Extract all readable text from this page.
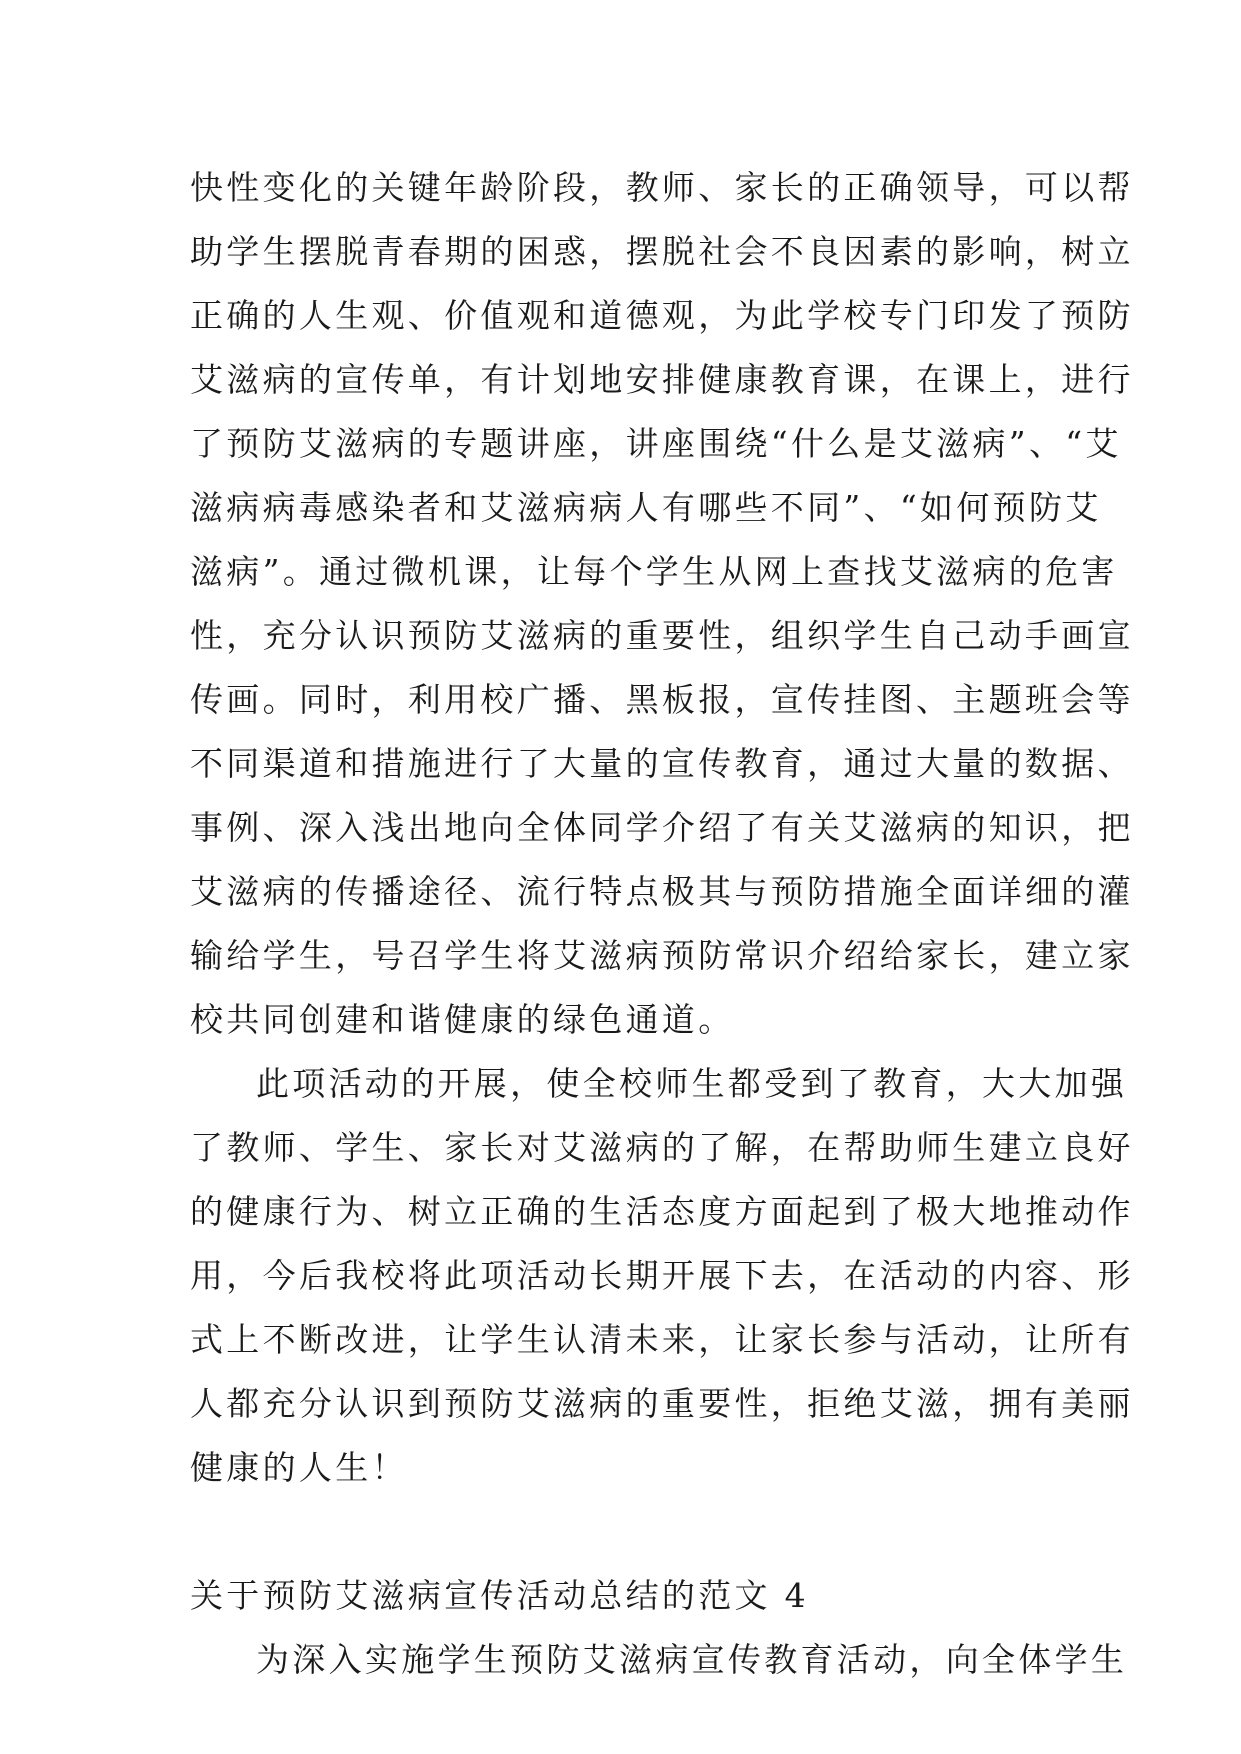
快性变化的关键年龄阶段，教师、家长的正确领导，可以帮
助学生摆脱青春期的困惑，摆脱社会不良因素的影响，树立
正确的人生观、价值观和道德观，为此学校专门印发了预防
艾滋病的宣传单，有计划地安排健康教育课，在课上，进行
了预防艾滋病的专题讲座，讲座围绕“什么是艾滋病”、“艾
滋病病毒感染者和艾滋病病人有哪些不同”、“如何预防艾
滋病”。通过微机课，让每个学生从网上查找艾滋病的危害
性，充分认识预防艾滋病的重要性，组织学生自己动手画宣
传画。同时，利用校广播、黑板报，宣传挂图、主题班会等
不同渠道和措施进行了大量的宣传教育，通过大量的数据、
事例、深入浅出地向全体同学介绍了有关艾滋病的知识，把
艾滋病的传播途径、流行特点极其与预防措施全面详细的灌
输给学生，号召学生将艾滋病预防常识介绍给家长，建立家
校共同创建和谐健康的绿色通道。
此项活动的开展，使全校师生都受到了教育，大大加强
了教师、学生、家长对艾滋病的了解，在帮助师生建立良好
的健康行为、树立正确的生活态度方面起到了极大地推动作
用，今后我校将此项活动长期开展下去，在活动的内容、形
式上不断改进，让学生认清未来，让家长参与活动，让所有
人都充分认识到预防艾滋病的重要性，拒绝艾滋，拥有美丽
健康的人生！
关于预防艾滋病宣传活动总结的范文 4
为深入实施学生预防艾滋病宣传教育活动，向全体学生
